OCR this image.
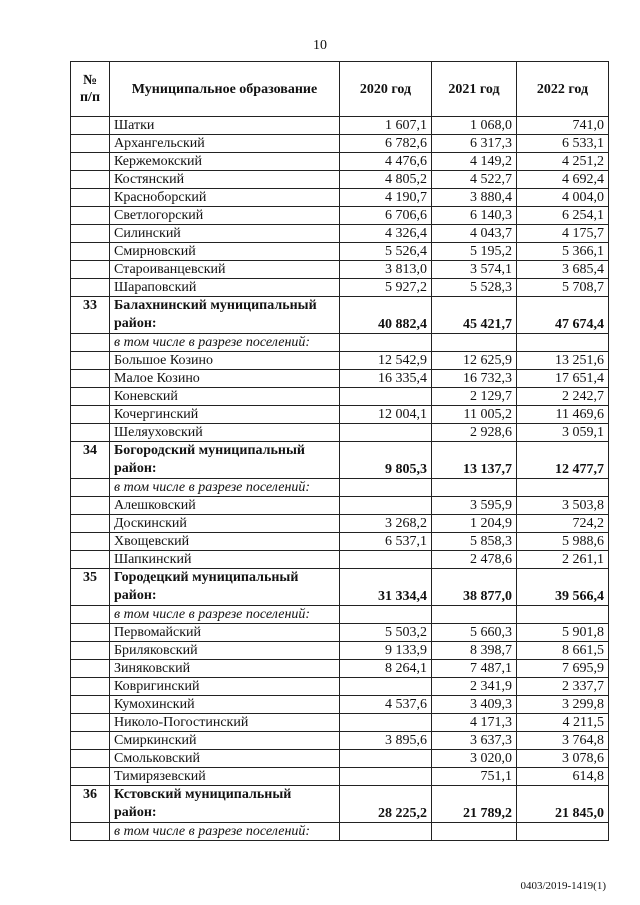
10
№
п/п	Муниципальное образование	2020 год	2021 год	2022 год
	Шатки	1 607,1	1 068,0	741,0
	Архангельский	6 782,6	6 317,3	6 533,1
	Кержемокский	4 476,6	4 149,2	4 251,2
	Костянский	4 805,2	4 522,7	4 692,4
	Красноборский	4 190,7	3 880,4	4 004,0
	Светлогорский	6 706,6	6 140,3	6 254,1
	Силинский	4 326,4	4 043,7	4 175,7
	Смирновский	5 526,4	5 195,2	5 366,1
	Староиванцевский	3 813,0	3 574,1	3 685,4
	Шараповский	5 927,2	5 528,3	5 708,7
33	Балахнинский муниципальный район:	40 882,4	45 421,7	47 674,4
	в том числе в разрезе поселений:			
	Большое Козино	12 542,9	12 625,9	13 251,6
	Малое Козино	16 335,4	16 732,3	17 651,4
	Коневский		2 129,7	2 242,7
	Кочергинский	12 004,1	11 005,2	11 469,6
	Шеляуховский		2 928,6	3 059,1
34	Богородский муниципальный район:	9 805,3	13 137,7	12 477,7
	в том числе в разрезе поселений:			
	Алешковский		3 595,9	3 503,8
	Доскинский	3 268,2	1 204,9	724,2
	Хвощевский	6 537,1	5 858,3	5 988,6
	Шапкинский		2 478,6	2 261,1
35	Городецкий муниципальный район:	31 334,4	38 877,0	39 566,4
	в том числе в разрезе поселений:			
	Первомайский	5 503,2	5 660,3	5 901,8
	Бриляковский	9 133,9	8 398,7	8 661,5
	Зиняковский	8 264,1	7 487,1	7 695,9
	Ковригинский		2 341,9	2 337,7
	Кумохинский	4 537,6	3 409,3	3 299,8
	Николо-Погостинский		4 171,3	4 211,5
	Смиркинский	3 895,6	3 637,3	3 764,8
	Смольковский		3 020,0	3 078,6
	Тимирязевский		751,1	614,8
36	Кстовский муниципальный район:	28 225,2	21 789,2	21 845,0
	в том числе в разрезе поселений:			
0403/2019-1419(1)
